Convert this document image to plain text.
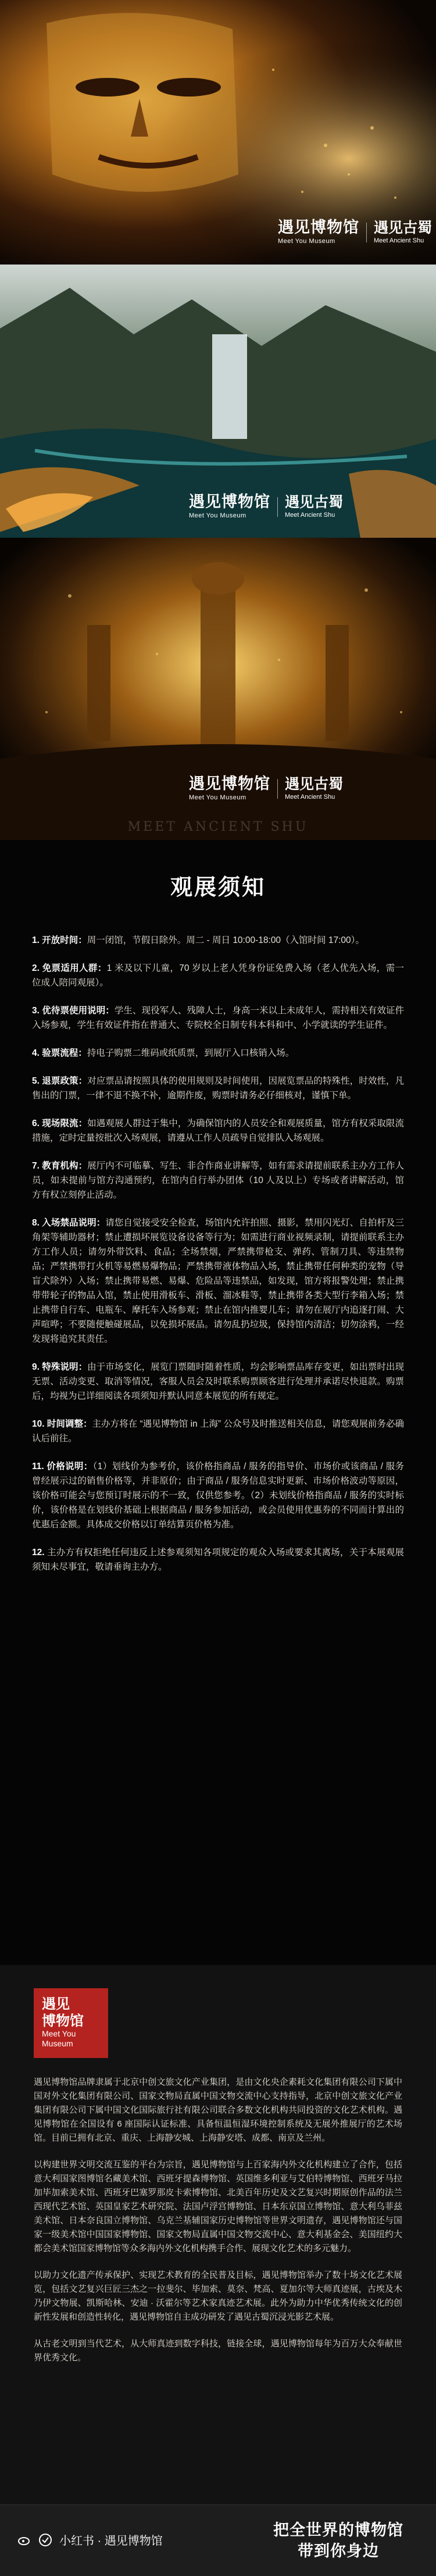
遇见博物馆
Meet You Museum
遇见古蜀
Meet Ancient Shu
遇见博物馆
Meet You Museum
遇见古蜀
Meet Ancient Shu
遇见博物馆
Meet You Museum
遇见古蜀
Meet Ancient Shu
MEET ANCIENT SHU
观展须知

1. 开放时间：周一闭馆，节假日除外。周二 - 周日 10:00-18:00（入馆时间 17:00）。

2. 免票适用人群：1 米及以下儿童，70 岁以上老人凭身份证免费入场（老人优先入场，需一位成人陪同观展）。

3. 优待票使用说明：学生、现役军人、残障人士，身高一米以上未成年人，需持相关有效证件入场参观，学生有效证件指在普通大、专院校全日制专科本科和中、小学就读的学生证件。

4. 验票流程：持电子购票二维码或纸质票，到展厅入口核销入场。

5. 退票政策：对应票品请按照具体的使用规则及时间使用，因展览票品的特殊性，时效性，凡售出的门票，一律不退不换不补，逾期作废，购票时请务必仔细核对，谨慎下单。

6. 现场限流：如遇观展人群过于集中，为确保馆内的人员安全和观展质量，馆方有权采取限流措施，定时定量按批次入场观展，请遵从工作人员疏导自觉排队入场观展。

7. 教育机构：展厅内不可临摹、写生、非合作商业讲解等，如有需求请提前联系主办方工作人员，如未提前与馆方沟通预约，在馆内自行举办团体（10 人及以上）专场或者讲解活动，馆方有权立刻停止活动。

8. 入场禁品说明：请您自觉接受安全检查，场馆内允许拍照、摄影，禁用闪光灯、自拍杆及三角架等辅助器材；禁止遭损坏展览设备设备等行为；如需进行商业视频录制，请提前联系主办方工作人员；请勿外带饮料、食品；全场禁烟，严禁携带枪支、弹药、管制刀具、等违禁物品；严禁携带打火机等易燃易爆物品；严禁携带液体物品入场，禁止携带任何种类的宠物（导盲犬除外）入场；禁止携带易燃、易爆、危险品等违禁品，如发现，馆方将报警处理；禁止携带带轮子的物品入馆，禁止使用滑板车、滑板、溜冰鞋等，禁止携带各类大型行李箱入场；禁止携带自行车、电瓶车、摩托车入场参观；禁止在馆内推婴儿车；请勿在展厅内追逐打闹、大声喧哗；不要随便触碰展品，以免损坏展品。请勿乱扔垃圾，保持馆内清洁；切勿涂鸦，一经发现将追究其责任。

9. 特殊说明：由于市场变化，展览门票随时随着性质，均会影响票品库存变更，如出票时出现无票、活动变更、取消等情况，客服人员会及时联系购票顾客进行处理并承诺尽快退款。购票后，均视为已详细阅读各项须知并默认同意本展览的所有规定。

10. 时间调整：主办方将在 “遇见博物馆 in 上海” 公众号及时推送相关信息，请您观展前务必确认后前往。

11. 价格说明：（1）划线价为参考价，该价格指商品 / 服务的指导价、市场价或该商品 / 服务曾经展示过的销售价格等，并非原价；由于商品 / 服务信息实时更新、市场价格波动等原因，该价格可能会与您预订时展示的不一致，仅供您参考。（2）未划线价格指商品 / 服务的实时标价，该价格是在划线价基础上根据商品 / 服务参加活动，或会员使用优惠券的不同而计算出的优惠后金额。具体成交价格以订单结算页价格为准。

12. 主办方有权拒绝任何违反上述参观须知各项规定的观众入场或要求其离场，关于本展观展须知未尽事宜，敬请垂询主办方。

遇见
博物馆
Meet You
Museum

遇见博物馆品牌隶属于北京中创文旅文化产业集团，是由文化央企素耗文化集团有限公司下属中国对外文化集团有限公司、国家文物局直属中国文物交流中心支持指导，北京中创文旅文化产业集团有限公司下属中国文化国际旅行社有限公司联合多数文化机构共同投资的文化艺术机构。遇见博物馆在全国设有 6 座国际认证标准、具备恒温恒湿环境控制系统及无展外推展厅的艺术场馆。目前已拥有北京、重庆、上海静安城、上海静安塔、成都、南京及兰州。

以构建世界文明交流互鉴的平台为宗旨，遇见博物馆与上百家海内外文化机构建立了合作，包括意大利国家图博馆名藏美术馆、西班牙提森博物馆、英国维多利亚与艾伯特博物馆、西班牙马拉加毕加索美术馆、西班牙巴塞罗那皮卡索博物馆、北美百年历史及文艺复兴时期原创作品的法兰西现代艺术馆、英国皇家艺术研究院、法国卢浮宫博物馆、日本东京国立博物馆、意大利乌菲兹美术馆、日本奈良国立博物馆、乌克兰基辅国家历史博物馆等世界文明遗存，遇见博物馆还与国家一级美术馆中国国家博物馆、国家文物局直属中国文物交流中心、意大利基金会、美国纽约大都会美术馆国家博物馆等众多海内外文化机构携手合作、展现文化艺术的多元魅力。

以助力文化遗产传承保护、实现艺术教育的全民普及目标，遇见博物馆举办了数十场文化艺术展览，包括文艺复兴巨匠三杰之一拉斐尔、毕加索、莫奈、梵高、夏加尔等大师真迹展，古埃及木乃伊文物展、凯斯哈林、安迪 · 沃霍尔等艺术家真迹艺术展。此外为助力中华优秀传统文化的创新性发展和创造性转化，遇见博物馆自主成功研发了遇见古蜀沉浸光影艺术展。

从古老文明到当代艺术，从大师真迹到数字科技，链接全球，遇见博物馆每年为百万大众奉献世界优秀文化。

小红书 · 遇见博物馆
把全世界的博物馆
带到你身边
